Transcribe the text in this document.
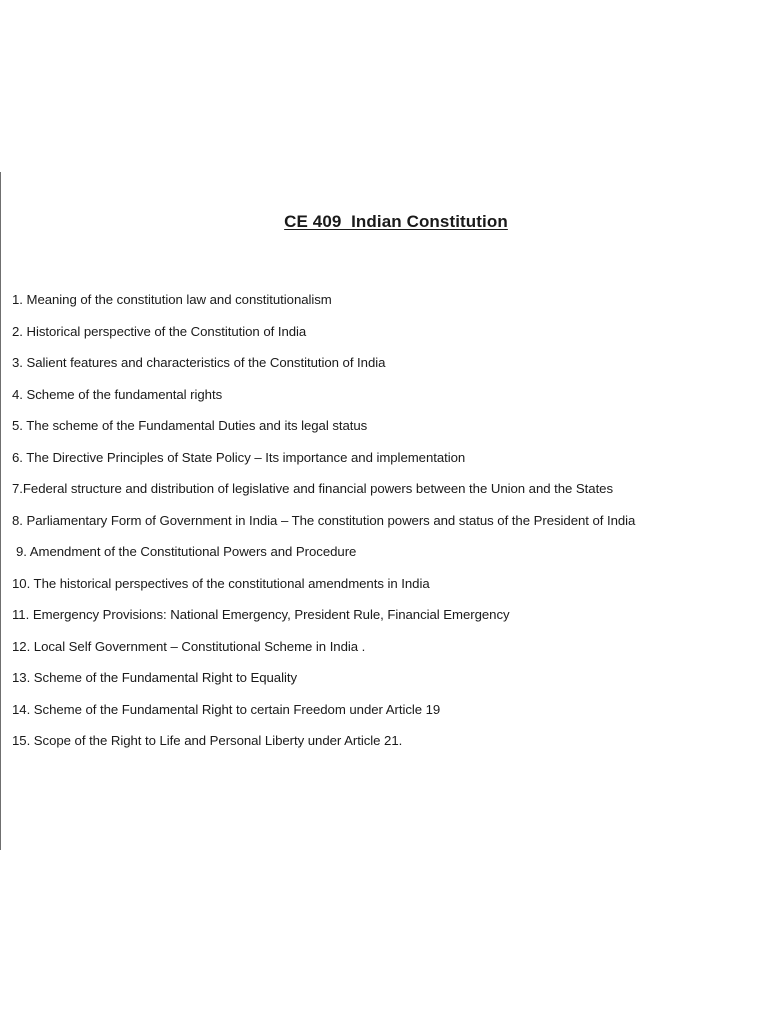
CE 409  Indian Constitution
1. Meaning of the constitution law and constitutionalism
2. Historical perspective of the Constitution of India
3. Salient features and characteristics of the Constitution of India
4. Scheme of the fundamental rights
5. The scheme of the Fundamental Duties and its legal status
6. The Directive Principles of State Policy – Its importance and implementation
7.Federal structure and distribution of legislative and financial powers between the Union and the States
8. Parliamentary Form of Government in India – The constitution powers and status of the President of India
9. Amendment of the Constitutional Powers and Procedure
10. The historical perspectives of the constitutional amendments in India
11. Emergency Provisions: National Emergency, President Rule, Financial Emergency
12. Local Self Government – Constitutional Scheme in India .
13. Scheme of the Fundamental Right to Equality
14. Scheme of the Fundamental Right to certain Freedom under Article 19
15. Scope of the Right to Life and Personal Liberty under Article 21.
